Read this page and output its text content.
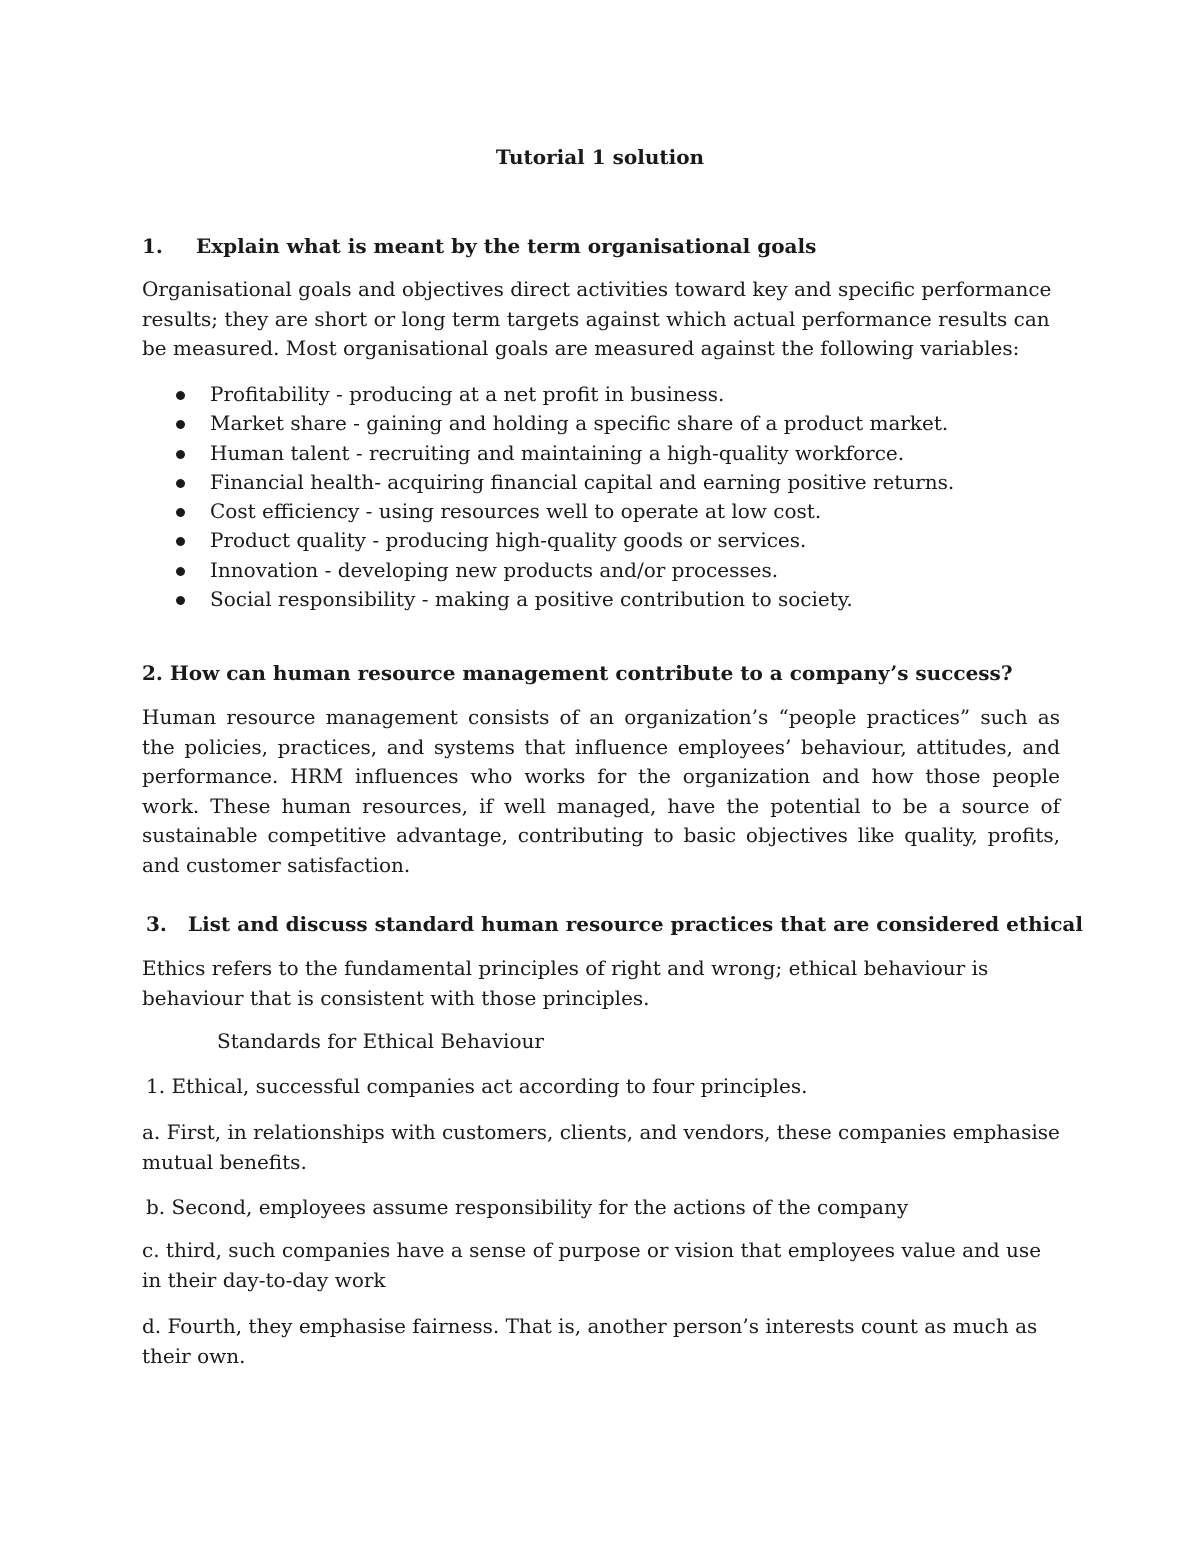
Tutorial 1 solution
1. Explain what is meant by the term organisational goals
Organisational goals and objectives direct activities toward key and specific performance results; they are short or long term targets against which actual performance results can be measured. Most organisational goals are measured against the following variables:
Profitability - producing at a net profit in business.
Market share - gaining and holding a specific share of a product market.
Human talent - recruiting and maintaining a high-quality workforce.
Financial health- acquiring financial capital and earning positive returns.
Cost efficiency - using resources well to operate at low cost.
Product quality - producing high-quality goods or services.
Innovation - developing new products and/or processes.
Social responsibility - making a positive contribution to society.
2. How can human resource management contribute to a company’s success?
Human resource management consists of an organization’s “people practices” such as the policies, practices, and systems that influence employees’ behaviour, attitudes, and performance. HRM influences who works for the organization and how those people work. These human resources, if well managed, have the potential to be a source of sustainable competitive advantage, contributing to basic objectives like quality, profits, and customer satisfaction.
3. List and discuss standard human resource practices that are considered ethical
Ethics refers to the fundamental principles of right and wrong; ethical behaviour is behaviour that is consistent with those principles.
Standards for Ethical Behaviour
1. Ethical, successful companies act according to four principles.
a. First, in relationships with customers, clients, and vendors, these companies emphasise mutual benefits.
b. Second, employees assume responsibility for the actions of the company
c. third, such companies have a sense of purpose or vision that employees value and use in their day-to-day work
d. Fourth, they emphasise fairness. That is, another person’s interests count as much as their own.
